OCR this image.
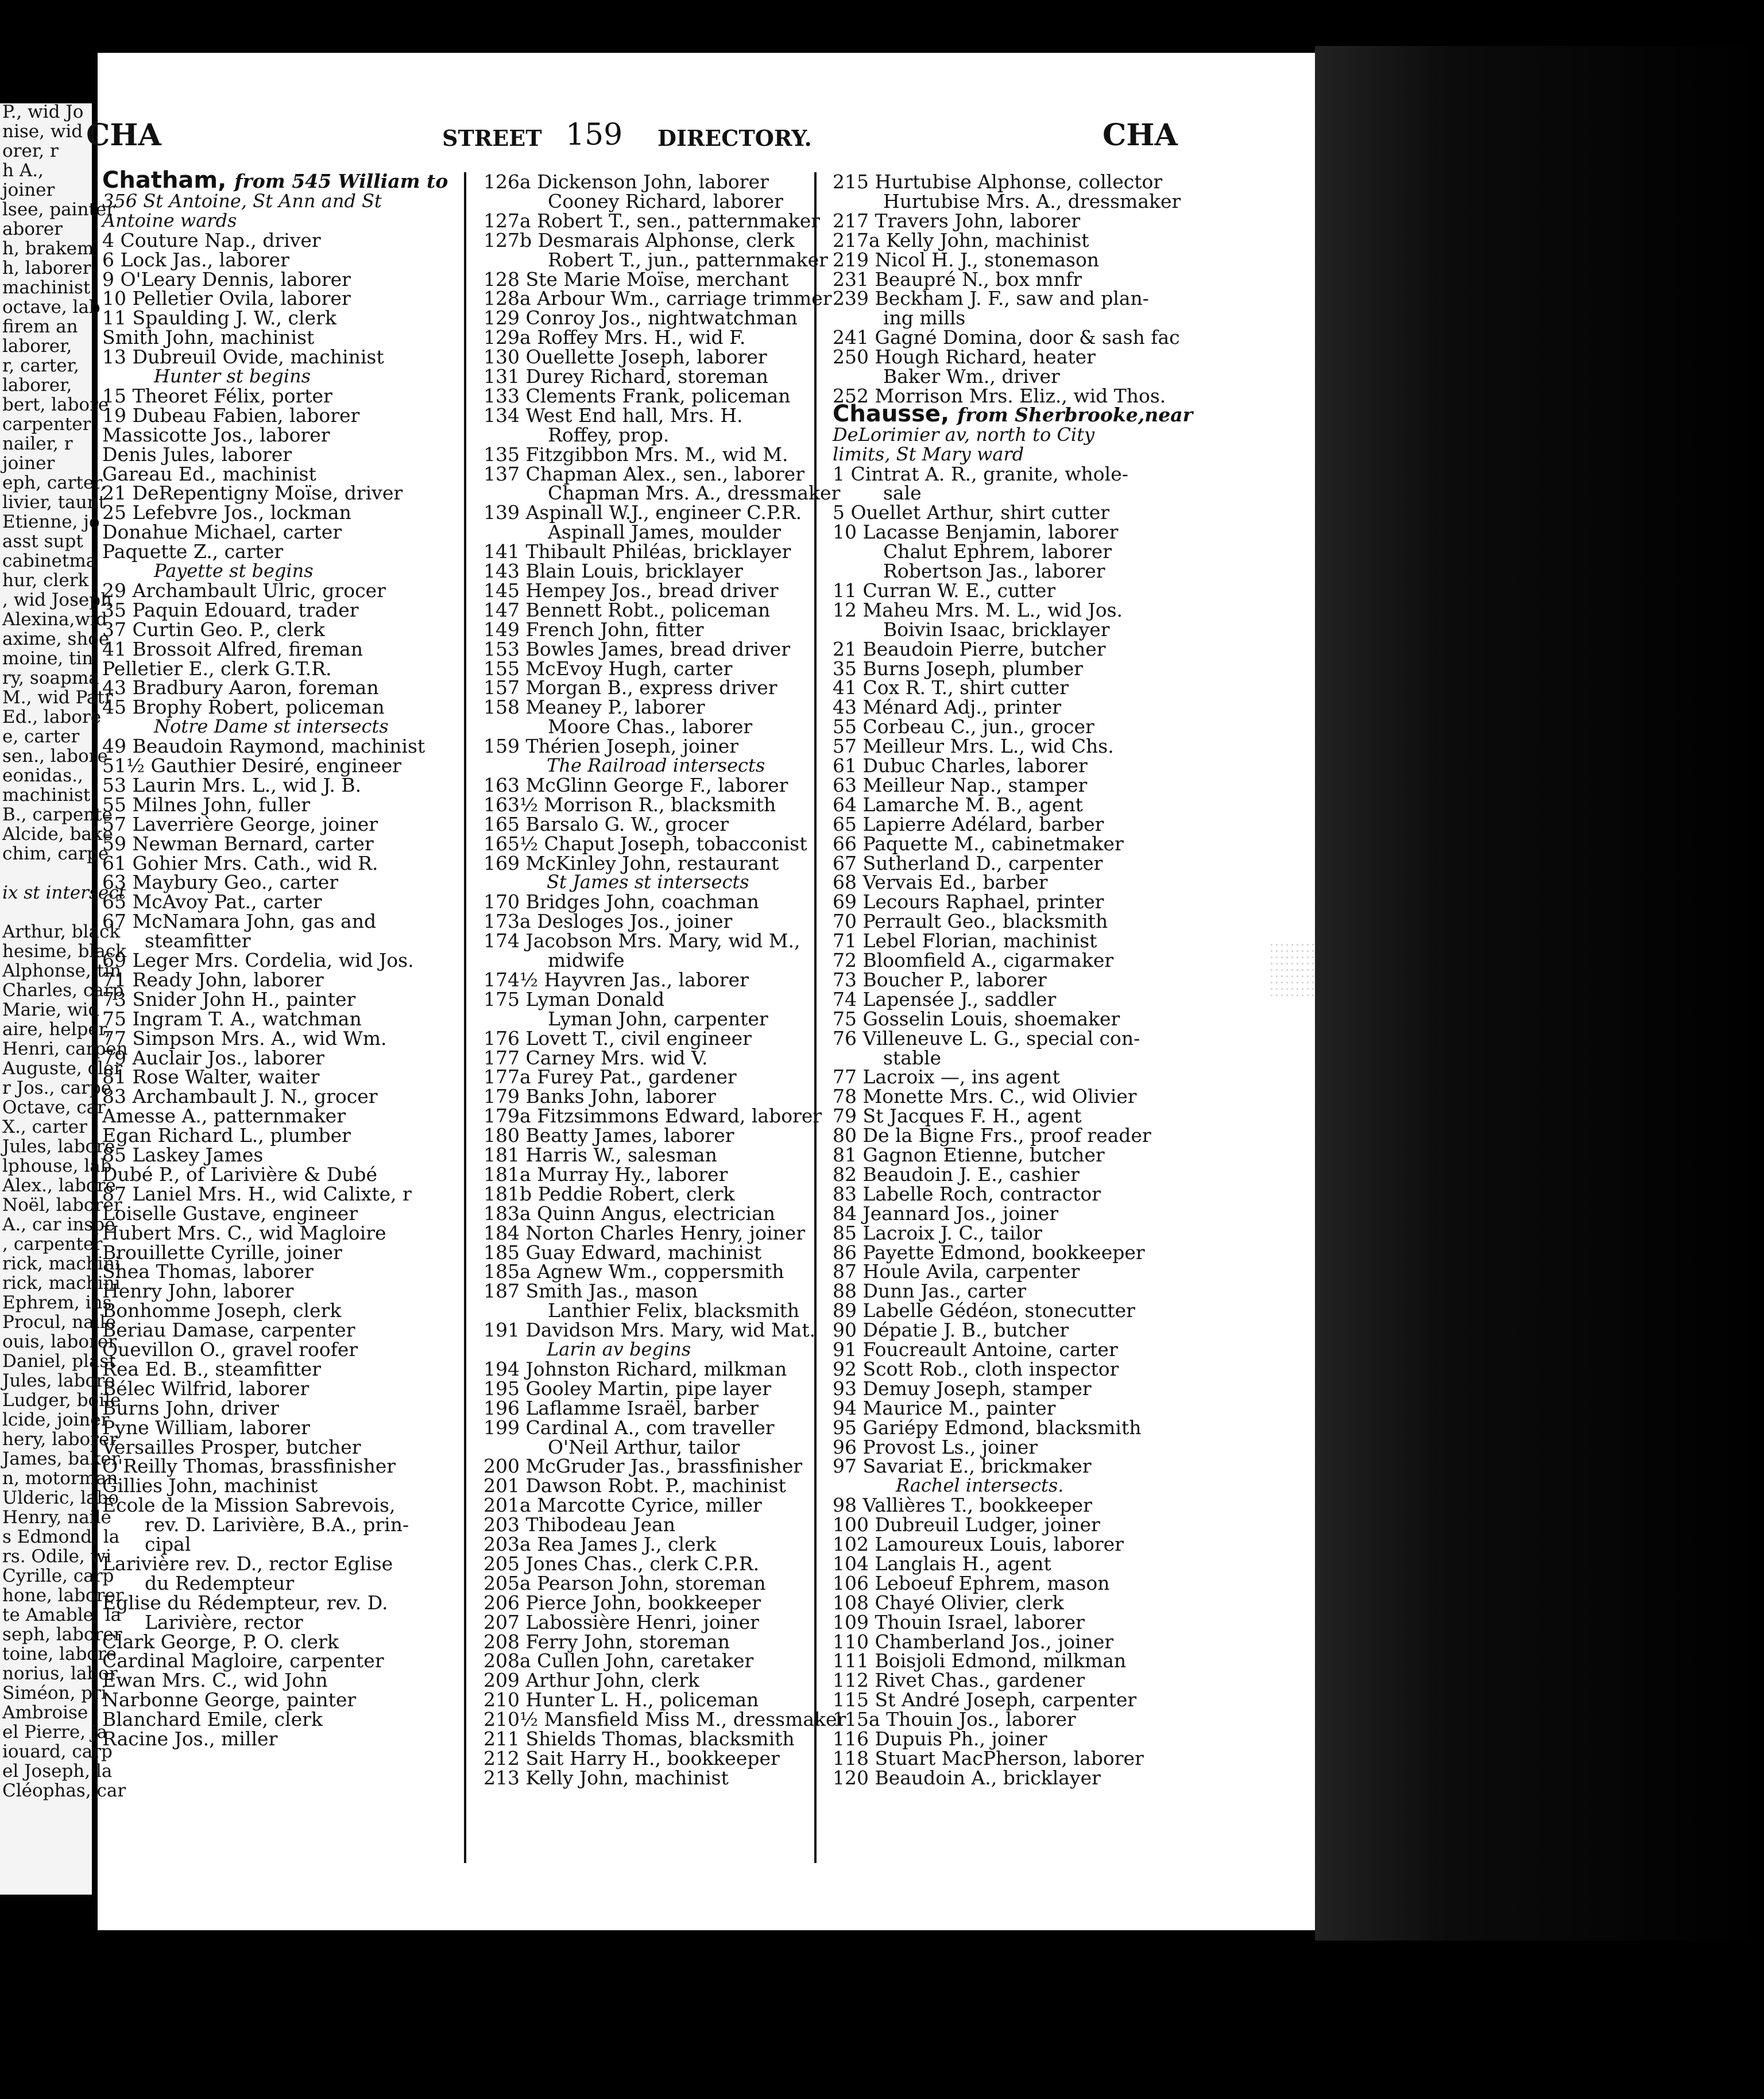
P., wid Jo
nise, wid
orer, r
h A.,
joiner
lsee, painter
aborer
h, brakem
h, laborer
machinist
octave, lab
firem an
laborer,
r, carter,
laborer,
bert, labore
carpenter
nailer, r
joiner
eph, carter,
livier, taunt
Etienne, jo
asst supt
cabinetma
hur, clerk
, wid Joseph
Alexina,wid
axime, shoe
moine, tin
ry, soapma
M., wid Patr
Ed., labore
e, carter
sen., labore
eonidas.,
machinist
B., carpente
Alcide, bake
chim, carpe
ix st intersect
Arthur, black
hesime, black
Alphonse, tin
Charles, carp
Marie, wid
aire, helper,
Henri, carpen
Auguste, cler
r Jos., carpe
Octave, car
X., carter
Jules, labore
lphouse, lab
Alex., labore
Noël, laborer
A., car inspe
, carpenter
rick, machini
rick, machini
Ephrem, ins
Procul, naile
ouis, laborer
Daniel, plast
Jules, labore
Ludger, boile
lcide, joiner
hery, laborer
James, baker
n, motorman
Ulderic, labo
Henry, naile
s Edmond, la
rs. Odile, wi
Cyrille, carp
hone, laborer
te Amable, la
seph, laborer
toine, labore
norius, labor
Siméon, pri
Ambroise
el Pierre, ja
iouard, carp
el Joseph, la
Cléophas, car
CHA	STREET 159 DIRECTORY.	CHA
Chatham, from 545 William to
356 St Antoine, St Ann and St
Antoine wards
4 Couture Nap., driver
6 Lock Jas., laborer
9 O'Leary Dennis, laborer
10 Pelletier Ovila, laborer
11 Spaulding J. W., clerk
Smith John, machinist
13 Dubreuil Ovide, machinist
Hunter st begins
15 Theoret Félix, porter
19 Dubeau Fabien, laborer
Massicotte Jos., laborer
Denis Jules, laborer
Gareau Ed., machinist
21 DeRepentigny Moïse, driver
25 Lefebvre Jos., lockman
Donahue Michael, carter
Paquette Z., carter
Payette st begins
29 Archambault Ulric, grocer
35 Paquin Edouard, trader
37 Curtin Geo. P., clerk
41 Brossoit Alfred, fireman
Pelletier E., clerk G.T.R.
43 Bradbury Aaron, foreman
45 Brophy Robert, policeman
Notre Dame st intersects
49 Beaudoin Raymond, machinist
51½ Gauthier Desiré, engineer
53 Laurin Mrs. L., wid J. B.
55 Milnes John, fuller
57 Laverrière George, joiner
59 Newman Bernard, carter
61 Gohier Mrs. Cath., wid R.
63 Maybury Geo., carter
65 McAvoy Pat., carter
67 McNamara John, gas and
steamfitter
69 Leger Mrs. Cordelia, wid Jos.
71 Ready John, laborer
73 Snider John H., painter
75 Ingram T. A., watchman
77 Simpson Mrs. A., wid Wm.
79 Auclair Jos., laborer
81 Rose Walter, waiter
83 Archambault J. N., grocer
Amesse A., patternmaker
Egan Richard L., plumber
85 Laskey James
Dubé P., of Larivière & Dubé
87 Laniel Mrs. H., wid Calixte, r
Loiselle Gustave, engineer
Hubert Mrs. C., wid Magloire
Brouillette Cyrille, joiner
Shea Thomas, laborer
Henry John, laborer
Bonhomme Joseph, clerk
Beriau Damase, carpenter
Quevillon O., gravel roofer
Rea Ed. B., steamfitter
Bélec Wilfrid, laborer
Burns John, driver
Pyne William, laborer
Versailles Prosper, butcher
O'Reilly Thomas, brassfinisher
Gillies John, machinist
Ecole de la Mission Sabrevois,
rev. D. Larivière, B.A., prin-
cipal
Larivière rev. D., rector Eglise
du Redempteur
Eglise du Rédempteur, rev. D.
Larivière, rector
Clark George, P. O. clerk
Cardinal Magloire, carpenter
Ewan Mrs. C., wid John
Narbonne George, painter
Blanchard Emile, clerk
Racine Jos., miller
126a Dickenson John, laborer
Cooney Richard, laborer
127a Robert T., sen., patternmaker
127b Desmarais Alphonse, clerk
Robert T., jun., patternmaker
128 Ste Marie Moïse, merchant
128a Arbour Wm., carriage trimmer
129 Conroy Jos., nightwatchman
129a Roffey Mrs. H., wid F.
130 Ouellette Joseph, laborer
131 Durey Richard, storeman
133 Clements Frank, policeman
134 West End hall, Mrs. H.
Roffey, prop.
135 Fitzgibbon Mrs. M., wid M.
137 Chapman Alex., sen., laborer
Chapman Mrs. A., dressmaker
139 Aspinall W.J., engineer C.P.R.
Aspinall James, moulder
141 Thibault Philéas, bricklayer
143 Blain Louis, bricklayer
145 Hempey Jos., bread driver
147 Bennett Robt., policeman
149 French John, fitter
153 Bowles James, bread driver
155 McEvoy Hugh, carter
157 Morgan B., express driver
158 Meaney P., laborer
Moore Chas., laborer
159 Thérien Joseph, joiner
The Railroad intersects
163 McGlinn George F., laborer
163½ Morrison R., blacksmith
165 Barsalo G. W., grocer
165½ Chaput Joseph, tobacconist
169 McKinley John, restaurant
St James st intersects
170 Bridges John, coachman
173a Desloges Jos., joiner
174 Jacobson Mrs. Mary, wid M.,
midwife
174½ Hayvren Jas., laborer
175 Lyman Donald
Lyman John, carpenter
176 Lovett T., civil engineer
177 Carney Mrs. wid V.
177a Furey Pat., gardener
179 Banks John, laborer
179a Fitzsimmons Edward, laborer
180 Beatty James, laborer
181 Harris W., salesman
181a Murray Hy., laborer
181b Peddie Robert, clerk
183a Quinn Angus, electrician
184 Norton Charles Henry, joiner
185 Guay Edward, machinist
185a Agnew Wm., coppersmith
187 Smith Jas., mason
Lanthier Felix, blacksmith
191 Davidson Mrs. Mary, wid Mat.
Larin av begins
194 Johnston Richard, milkman
195 Gooley Martin, pipe layer
196 Laflamme Israël, barber
199 Cardinal A., com traveller
O'Neil Arthur, tailor
200 McGruder Jas., brassfinisher
201 Dawson Robt. P., machinist
201a Marcotte Cyrice, miller
203 Thibodeau Jean
203a Rea James J., clerk
205 Jones Chas., clerk C.P.R.
205a Pearson John, storeman
206 Pierce John, bookkeeper
207 Labossière Henri, joiner
208 Ferry John, storeman
208a Cullen John, caretaker
209 Arthur John, clerk
210 Hunter L. H., policeman
210½ Mansfield Miss M., dressmaker
211 Shields Thomas, blacksmith
212 Sait Harry H., bookkeeper
213 Kelly John, machinist
215 Hurtubise Alphonse, collector
Hurtubise Mrs. A., dressmaker
217 Travers John, laborer
217a Kelly John, machinist
219 Nicol H. J., stonemason
231 Beaupré N., box mnfr
239 Beckham J. F., saw and plan-
ing mills
241 Gagné Domina, door & sash fac
250 Hough Richard, heater
Baker Wm., driver
252 Morrison Mrs. Eliz., wid Thos.
Chausse, from Sherbrooke,near
DeLorimier av, north to City
limits, St Mary ward
1 Cintrat A. R., granite, whole-
sale
5 Ouellet Arthur, shirt cutter
10 Lacasse Benjamin, laborer
Chalut Ephrem, laborer
Robertson Jas., laborer
11 Curran W. E., cutter
12 Maheu Mrs. M. L., wid Jos.
Boivin Isaac, bricklayer
21 Beaudoin Pierre, butcher
35 Burns Joseph, plumber
41 Cox R. T., shirt cutter
43 Ménard Adj., printer
55 Corbeau C., jun., grocer
57 Meilleur Mrs. L., wid Chs.
61 Dubuc Charles, laborer
63 Meilleur Nap., stamper
64 Lamarche M. B., agent
65 Lapierre Adélard, barber
66 Paquette M., cabinetmaker
67 Sutherland D., carpenter
68 Vervais Ed., barber
69 Lecours Raphael, printer
70 Perrault Geo., blacksmith
71 Lebel Florian, machinist
72 Bloomfield A., cigarmaker
73 Boucher P., laborer
74 Lapensée J., saddler
75 Gosselin Louis, shoemaker
76 Villeneuve L. G., special con-
stable
77 Lacroix —, ins agent
78 Monette Mrs. C., wid Olivier
79 St Jacques F. H., agent
80 De la Bigne Frs., proof reader
81 Gagnon Etienne, butcher
82 Beaudoin J. E., cashier
83 Labelle Roch, contractor
84 Jeannard Jos., joiner
85 Lacroix J. C., tailor
86 Payette Edmond, bookkeeper
87 Houle Avila, carpenter
88 Dunn Jas., carter
89 Labelle Gédéon, stonecutter
90 Dépatie J. B., butcher
91 Foucreault Antoine, carter
92 Scott Rob., cloth inspector
93 Demuy Joseph, stamper
94 Maurice M., painter
95 Gariépy Edmond, blacksmith
96 Provost Ls., joiner
97 Savariat E., brickmaker
Rachel intersects.
98 Vallières T., bookkeeper
100 Dubreuil Ludger, joiner
102 Lamoureux Louis, laborer
104 Langlais H., agent
106 Leboeuf Ephrem, mason
108 Chayé Olivier, clerk
109 Thouin Israel, laborer
110 Chamberland Jos., joiner
111 Boisjoli Edmond, milkman
112 Rivet Chas., gardener
115 St André Joseph, carpenter
115a Thouin Jos., laborer
116 Dupuis Ph., joiner
118 Stuart MacPherson, laborer
120 Beaudoin A., bricklayer
